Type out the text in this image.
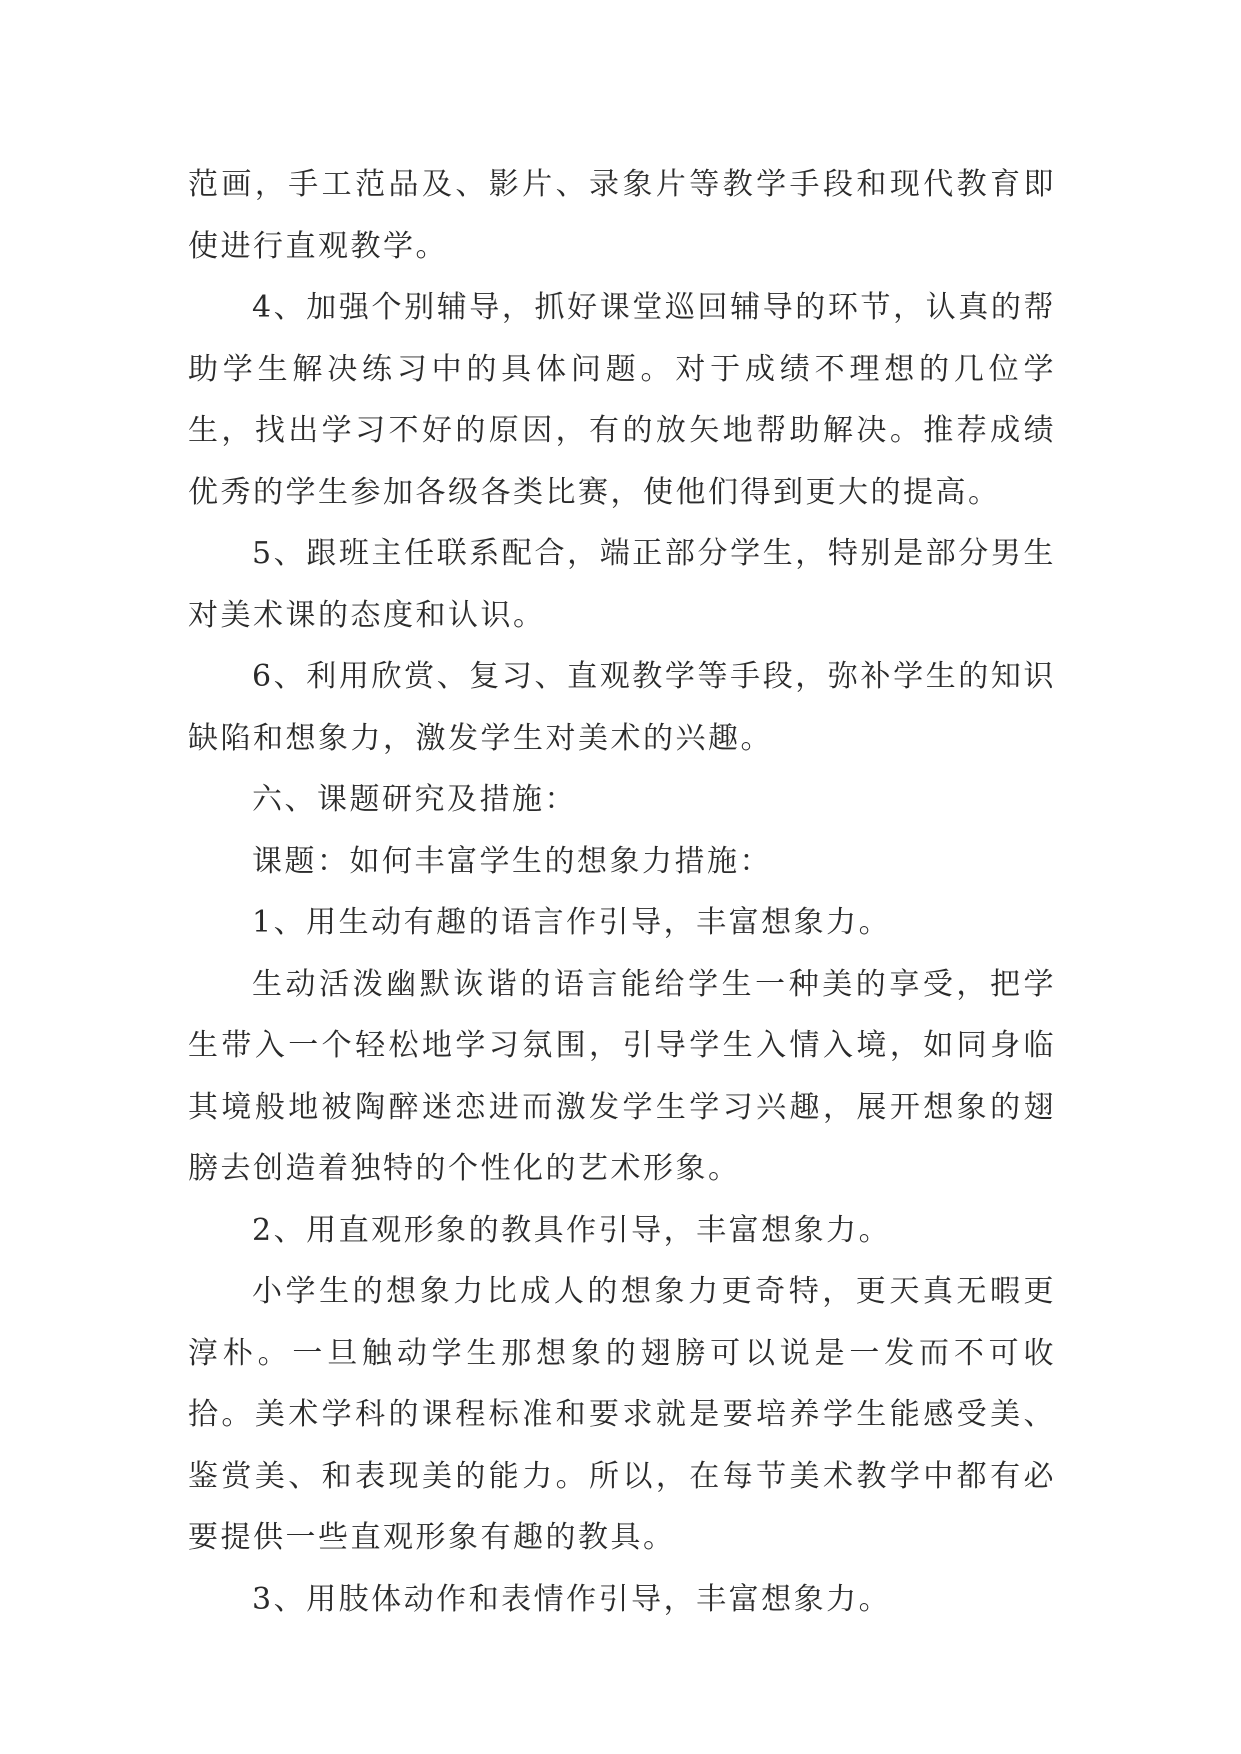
范画，手工范品及、影片、录象片等教学手段和现代教育即使进行直观教学。

4、加强个别辅导，抓好课堂巡回辅导的环节，认真的帮助学生解决练习中的具体问题。对于成绩不理想的几位学生，找出学习不好的原因，有的放矢地帮助解决。推荐成绩优秀的学生参加各级各类比赛，使他们得到更大的提高。

5、跟班主任联系配合，端正部分学生，特别是部分男生对美术课的态度和认识。

6、利用欣赏、复习、直观教学等手段，弥补学生的知识缺陷和想象力，激发学生对美术的兴趣。

六、课题研究及措施：

课题：如何丰富学生的想象力措施：

1、用生动有趣的语言作引导，丰富想象力。

生动活泼幽默诙谐的语言能给学生一种美的享受，把学生带入一个轻松地学习氛围，引导学生入情入境，如同身临其境般地被陶醉迷恋进而激发学生学习兴趣，展开想象的翅膀去创造着独特的个性化的艺术形象。

2、用直观形象的教具作引导，丰富想象力。

小学生的想象力比成人的想象力更奇特，更天真无暇更淳朴。一旦触动学生那想象的翅膀可以说是一发而不可收拾。美术学科的课程标准和要求就是要培养学生能感受美、鉴赏美、和表现美的能力。所以，在每节美术教学中都有必要提供一些直观形象有趣的教具。

3、用肢体动作和表情作引导，丰富想象力。
